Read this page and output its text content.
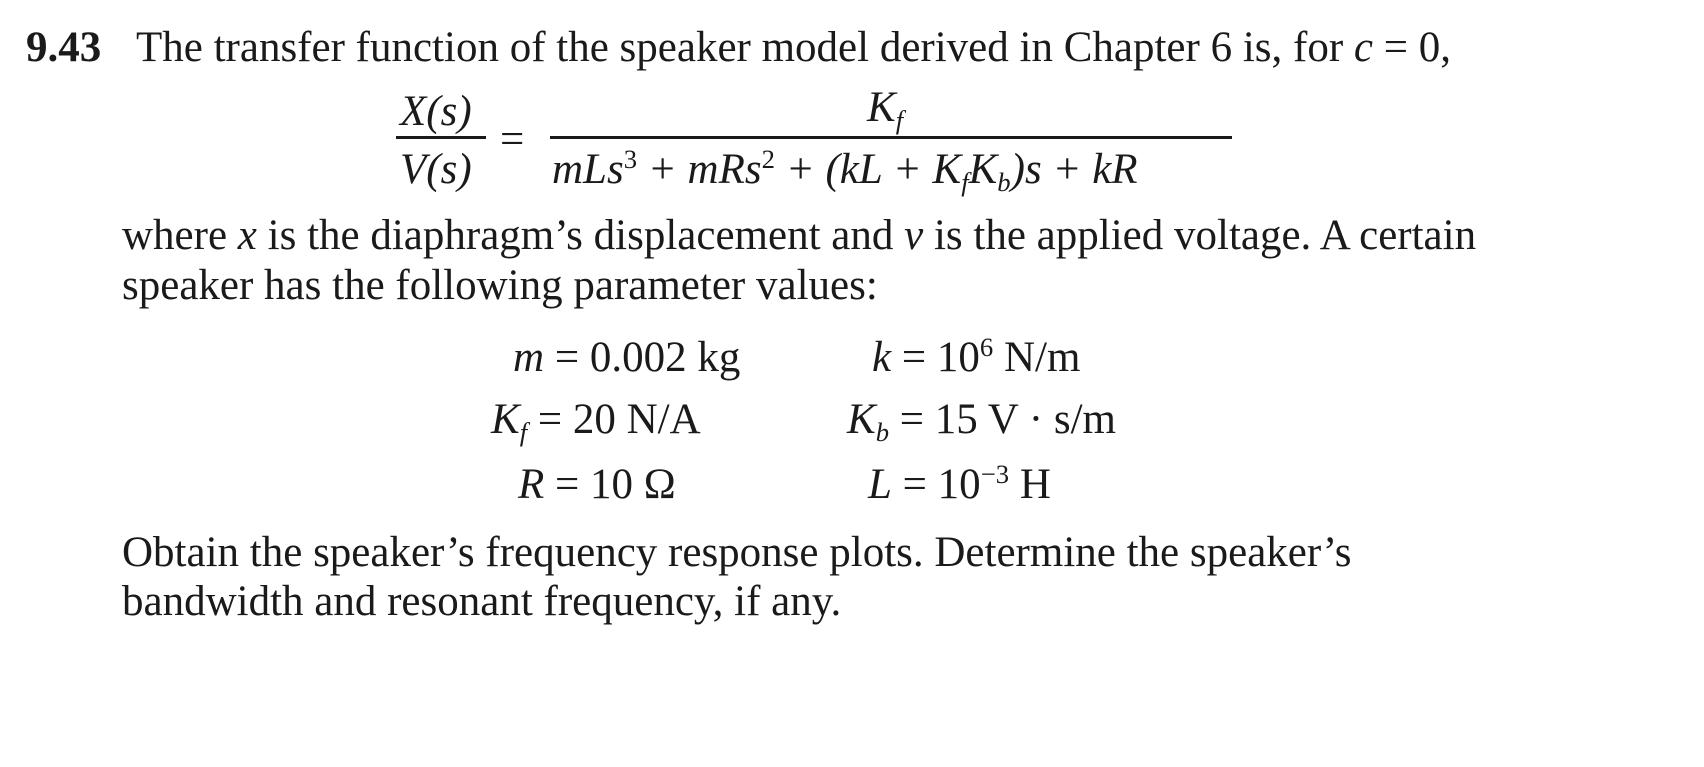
9.43 The transfer function of the speaker model derived in Chapter 6 is, for c = 0,
X(s)
V(s)
=
$K_f$
$mLs^3 + mRs^2 + (kL + K_fK_b)s$ + kR
where x is the diaphragm’s displacement and v is the applied voltage. A certain
speaker has the following parameter values:
m = 0.002 kg	$k = 10^6$ N/m
$K_f = 20$ N/A	$K_b = 15$ V · s/m
R = 10 Ω	$L = 10^{-3}$ H
Obtain the speaker’s frequency response plots. Determine the speaker’s
bandwidth and resonant frequency, if any.
